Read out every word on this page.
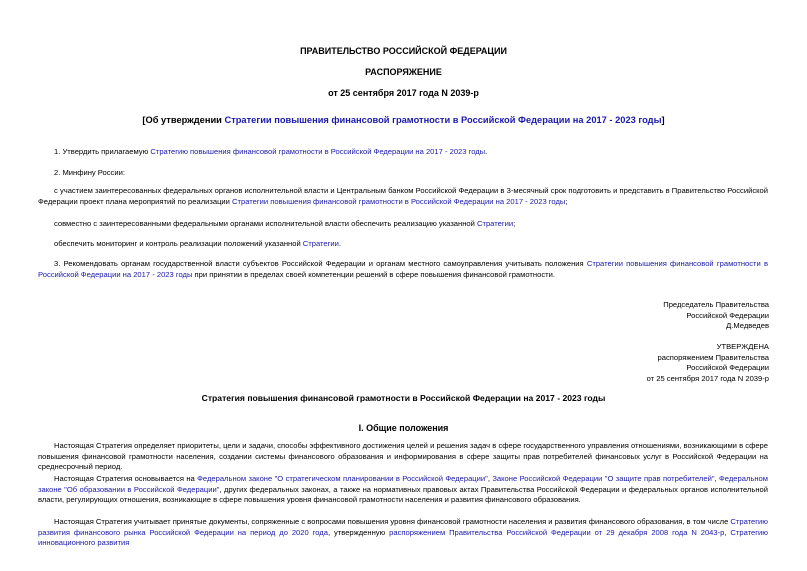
ПРАВИТЕЛЬСТВО РОССИЙСКОЙ ФЕДЕРАЦИИ
РАСПОРЯЖЕНИЕ
от 25 сентября 2017 года N 2039-р
[Об утверждении Стратегии повышения финансовой грамотности в Российской Федерации на 2017 - 2023 годы]
1. Утвердить прилагаемую Стратегию повышения финансовой грамотности в Российской Федерации на 2017 - 2023 годы.
2. Минфину России:
с участием заинтересованных федеральных органов исполнительной власти и Центральным банком Российской Федерации в 3-месячный срок подготовить и представить в Правительство Российской Федерации проект плана мероприятий по реализации Стратегии повышения финансовой грамотности в Российской Федерации на 2017 - 2023 годы;
совместно с заинтересованными федеральными органами исполнительной власти обеспечить реализацию указанной Стратегии;
обеспечить мониторинг и контроль реализации положений указанной Стратегии.
3. Рекомендовать органам государственной власти субъектов Российской Федерации и органам местного самоуправления учитывать положения Стратегии повышения финансовой грамотности в Российской Федерации на 2017 - 2023 годы при принятии в пределах своей компетенции решений в сфере повышения финансовой грамотности.
Председатель Правительства
Российской Федерации
Д.Медведев
УТВЕРЖДЕНА
распоряжением Правительства
Российской Федерации
от 25 сентября 2017 года N 2039-р
Стратегия повышения финансовой грамотности в Российской Федерации на 2017 - 2023 годы
I. Общие положения
Настоящая Стратегия определяет приоритеты, цели и задачи, способы эффективного достижения целей и решения задач в сфере государственного управления отношениями, возникающими в сфере повышения финансовой грамотности населения, создании системы финансового образования и информирования в сфере защиты прав потребителей финансовых услуг в Российской Федерации на среднесрочный период.
Настоящая Стратегия основывается на Федеральном законе "О стратегическом планировании в Российской Федерации", Законе Российской Федерации "О защите прав потребителей", Федеральном законе "Об образовании в Российской Федерации", других федеральных законах, а также на нормативных правовых актах Правительства Российской Федерации и федеральных органов исполнительной власти, регулирующих отношения, возникающие в сфере повышения уровня финансовой грамотности населения и развития финансового образования.
Настоящая Стратегия учитывает принятые документы, сопряженные с вопросами повышения уровня финансовой грамотности населения и развития финансового образования, в том числе Стратегию развития финансового рынка Российской Федерации на период до 2020 года, утвержденную распоряжением Правительства Российской Федерации от 29 декабря 2008 года N 2043-р, Стратегию инновационного развития
